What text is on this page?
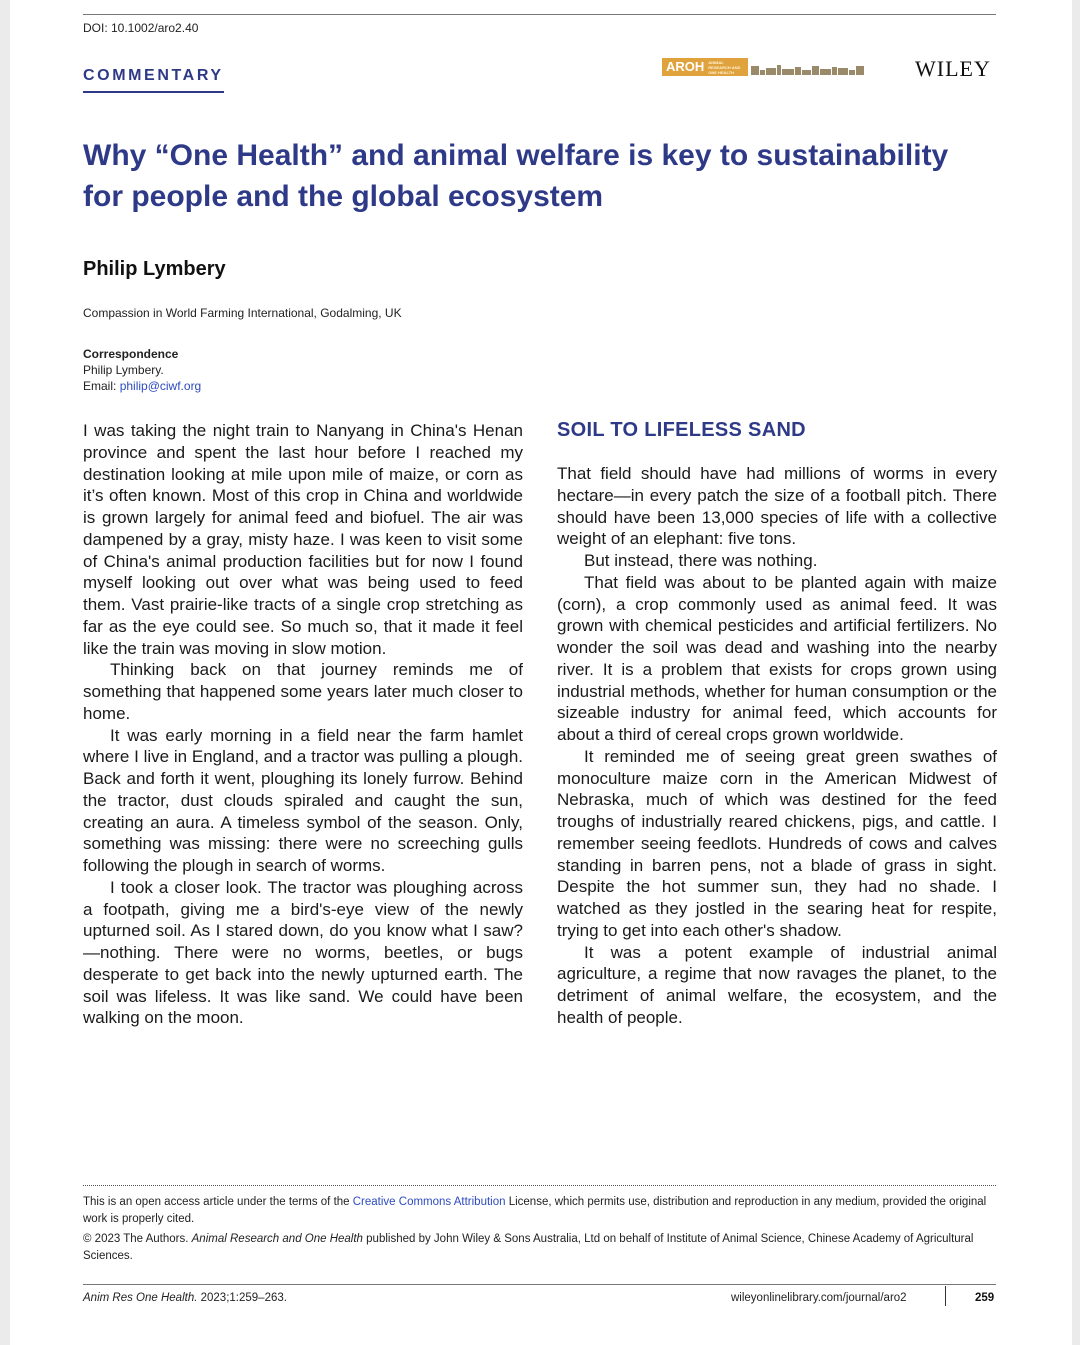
DOI: 10.1002/aro2.40
COMMENTARY
AROH ANIMAL RESEARCH AND ONE HEALTH	WILEY
Why “One Health” and animal welfare is key to sustainability for people and the global ecosystem
Philip Lymbery
Compassion in World Farming International, Godalming, UK
Correspondence
Philip Lymbery.
Email: philip@ciwf.org

I was taking the night train to Nanyang in China's Henan province and spent the last hour before I reached my destination looking at mile upon mile of maize, or corn as it’s often known. Most of this crop in China and worldwide is grown largely for animal feed and biofuel. The air was dampened by a gray, misty haze. I was keen to visit some of China's animal production facilities but for now I found myself looking out over what was being used to feed them. Vast prairie-like tracts of a single crop stretching as far as the eye could see. So much so, that it made it feel like the train was moving in slow motion.

Thinking back on that journey reminds me of something that happened some years later much closer to home.

It was early morning in a field near the farm hamlet where I live in England, and a tractor was pulling a plough. Back and forth it went, ploughing its lonely furrow. Behind the tractor, dust clouds spiraled and caught the sun, creating an aura. A timeless symbol of the season. Only, something was missing: there were no screeching gulls following the plough in search of worms.

I took a closer look. The tractor was ploughing across a footpath, giving me a bird's-eye view of the newly upturned soil. As I stared down, do you know what I saw?—nothing. There were no worms, beetles, or bugs desperate to get back into the newly upturned earth. The soil was lifeless. It was like sand. We could have been walking on the moon.

SOIL TO LIFELESS SAND

That field should have had millions of worms in every hectare—in every patch the size of a football pitch. There should have been 13,000 species of life with a collective weight of an elephant: five tons.

But instead, there was nothing.

That field was about to be planted again with maize (corn), a crop commonly used as animal feed. It was grown with chemical pesticides and artificial fertilizers. No wonder the soil was dead and washing into the nearby river. It is a problem that exists for crops grown using industrial methods, whether for human consumption or the sizeable industry for animal feed, which accounts for about a third of cereal crops grown worldwide.

It reminded me of seeing great green swathes of monoculture maize corn in the American Midwest of Nebraska, much of which was destined for the feed troughs of industrially reared chickens, pigs, and cattle. I remember seeing feedlots. Hundreds of cows and calves standing in barren pens, not a blade of grass in sight. Despite the hot summer sun, they had no shade. I watched as they jostled in the searing heat for respite, trying to get into each other's shadow.

It was a potent example of industrial animal agriculture, a regime that now ravages the planet, to the detriment of animal welfare, the ecosystem, and the health of people.

This is an open access article under the terms of the Creative Commons Attribution License, which permits use, distribution and reproduction in any medium, provided the original work is properly cited.
© 2023 The Authors. Animal Research and One Health published by John Wiley & Sons Australia, Ltd on behalf of Institute of Animal Science, Chinese Academy of Agricultural Sciences.
Anim Res One Health. 2023;1:259–263.	wileyonlinelibrary.com/journal/aro2	259
